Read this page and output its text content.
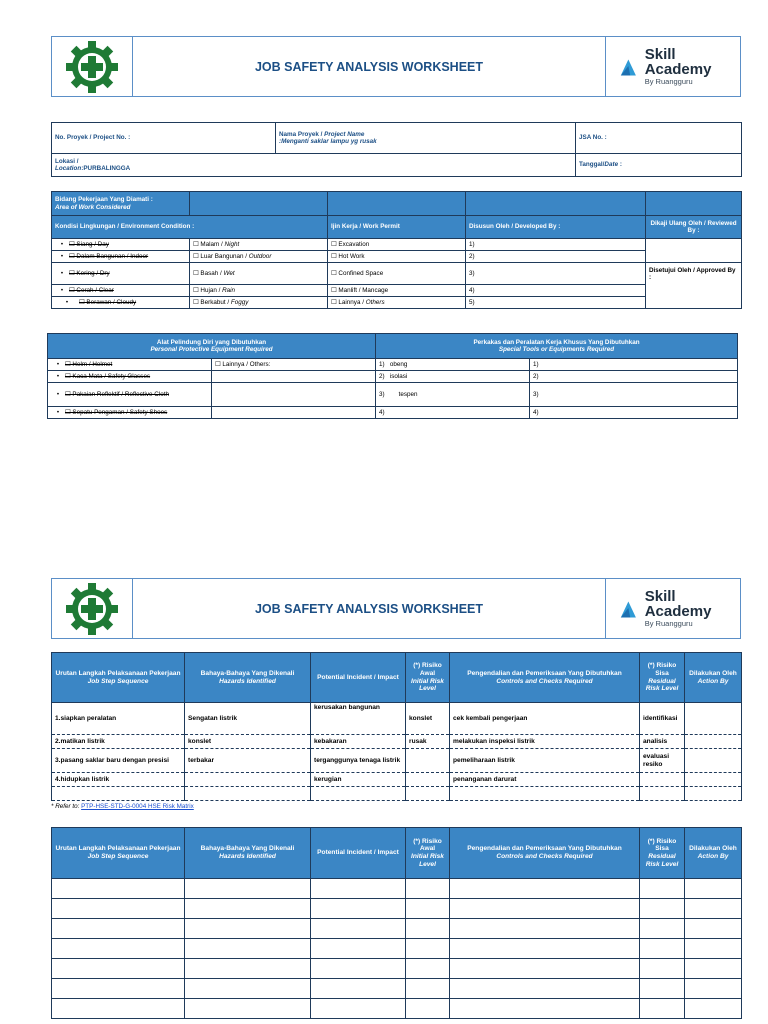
JOB SAFETY ANALYSIS WORKSHEET
Skill Academy
By Ruangguru
No. Proyek / Project No. :	Nama Proyek / Project Name
:Menganti saklar lampu yg rusak	JSA No. :
Lokasi /
Location:PURBALINGGA		Tanggal/Date :
Bidang Pekerjaan Yang Diamati :
Area of Work Considered				
Kondisi Lingkungan / Environment Condition :		Ijin Kerja / Work Permit	Disusun Oleh / Developed By :	Dikaji Ulang Oleh / Reviewed By :
• ☐ Siang / Day	☐ Malam / Night	☐ Excavation	1)	
• ☐ Dalam Bangunan / Indoor	☐ Luar Bangunan / Outdoor	☐ Hot Work	2)	
• ☐ Kering / Dry	☐ Basah / Wet	☐ Confined Space	3)	Disetujui Oleh / Approved By :
• ☐ Cerah / Clear	☐ Hujan / Rain	☐ Manlift / Mancage	4)	
• ☐ Berawan / Cloudy	☐ Berkabut / Foggy	☐ Lainnya / Others	5)	
Alat Pelindung Diri yang Dibutuhkan
Personal Protective Equipment Required		Perkakas dan Peralatan Kerja Khusus Yang Dibutuhkan
Special Tools or Equipments Required	
• ☐ Helm / Helmet	☐ Lainnya / Others:	1)   obeng	1)
• ☐ Kaca Mata / Safety Glasses		2)   isolasi	2)
• ☐ Pakaian Reflektif / Reflective Cloth		3)        tespen	3)
• ☐ Sepatu Pengaman / Safety Shoes		4)	4)
JOB SAFETY ANALYSIS WORKSHEET
Skill Academy
By Ruangguru
Urutan Langkah Pelaksanaan Pekerjaan
Job Step Sequence	Bahaya-Bahaya Yang Dikenali
Hazards Identified	Potential Incident / Impact	(*) Risiko Awal
Initial Risk Level	Pengendalian dan Pemeriksaan Yang Dibutuhkan
Controls and Checks Required	(*) Risiko Sisa
Residual Risk Level	Dilakukan Oleh
Action By
1.siapkan peralatan	Sengatan listrik	kerusakan bangunan	konslet	cek kembali pengerjaan	identifikasi	
2.matikan listrik	konslet	kebakaran	rusak	melakukan inspeksi listrik	analisis	
3.pasang saklar baru dengan presisi	terbakar	terganggunya tenaga listrik		pemeliharaan listrik	evaluasi resiko	
4.hidupkan listrik		kerugian		penanganan darurat		

* Refer to: PTP-HSE-STD-G-0004 HSE Risk Matrix
Urutan Langkah Pelaksanaan Pekerjaan
Job Step Sequence	Bahaya-Bahaya Yang Dikenali
Hazards Identified	Potential Incident / Impact	(*) Risiko Awal
Initial Risk Level	Pengendalian dan Pemeriksaan Yang Dibutuhkan
Controls and Checks Required	(*) Risiko Sisa
Residual Risk Level	Dilakukan Oleh
Action By
